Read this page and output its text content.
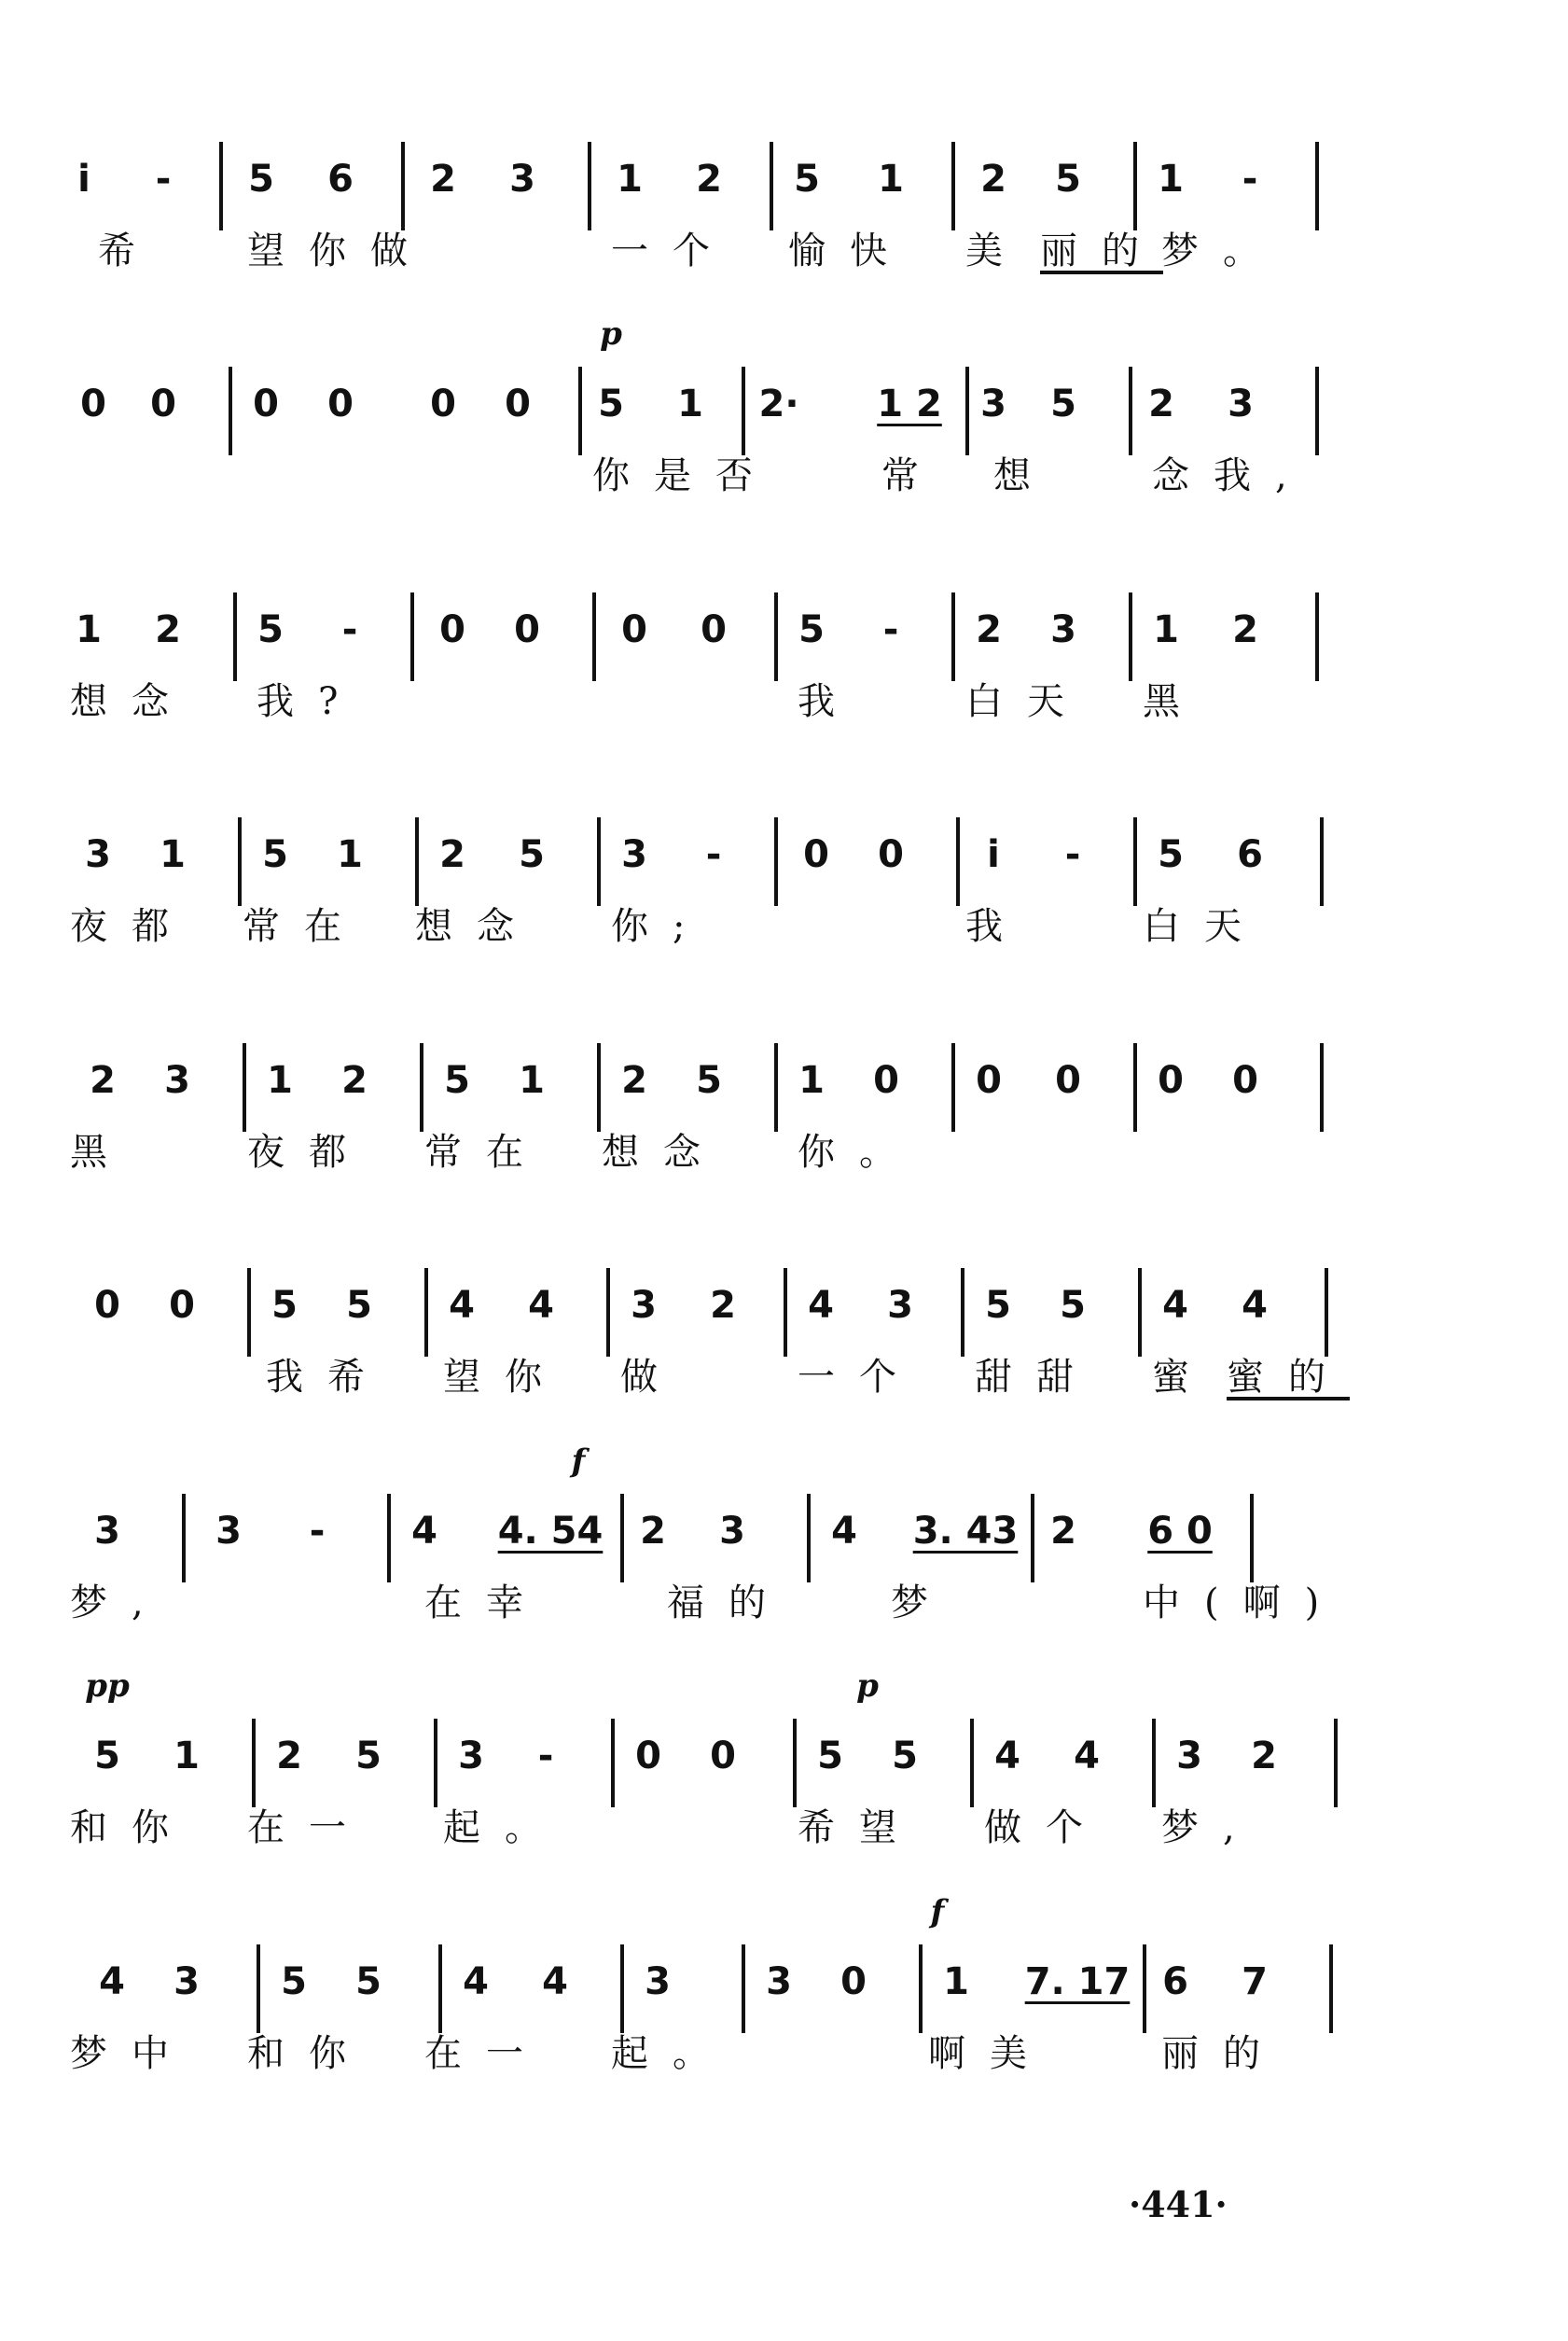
i - 5 6 2 3 1 2 5 1 2 5 1 -
希 望你做	一个 愉快 美 丽的
梦。
0 0 0 0 0 0 5 1 2· 1 2 3 5 2 3
你是否	常 想	念我,
p
1 2 5 - 0 0 0 0 5 - 2 3 1 2
想念 我?	我	白天 黑
3 1 5 1 2 5 3 - 0 0 i - 5 6
夜都 常在 想念 你;	我	白天
2 3 1 2 5 1 2 5 1 0 0 0 0 0
黑	夜都 常在 想念 你。
0 0 5 5 4 4 3 2 4 3 5 5 4 4
我希 望你 做	一个 甜甜 蜜 蜜的
3	3 - 4 4. 54 2 3 4 3. 43 2 6 0
梦,	在幸	福的	梦	中(啊)
f
5 1 2 5 3 - 0 0 5 5 4 4 3 2
和你 在一 起。	希望 做个 梦,
pp	p
4 3 5 5 4 4 3	3 0 1 7. 17 6 7
梦中 和你 在一 起。	啊美	丽的
f
·441·
